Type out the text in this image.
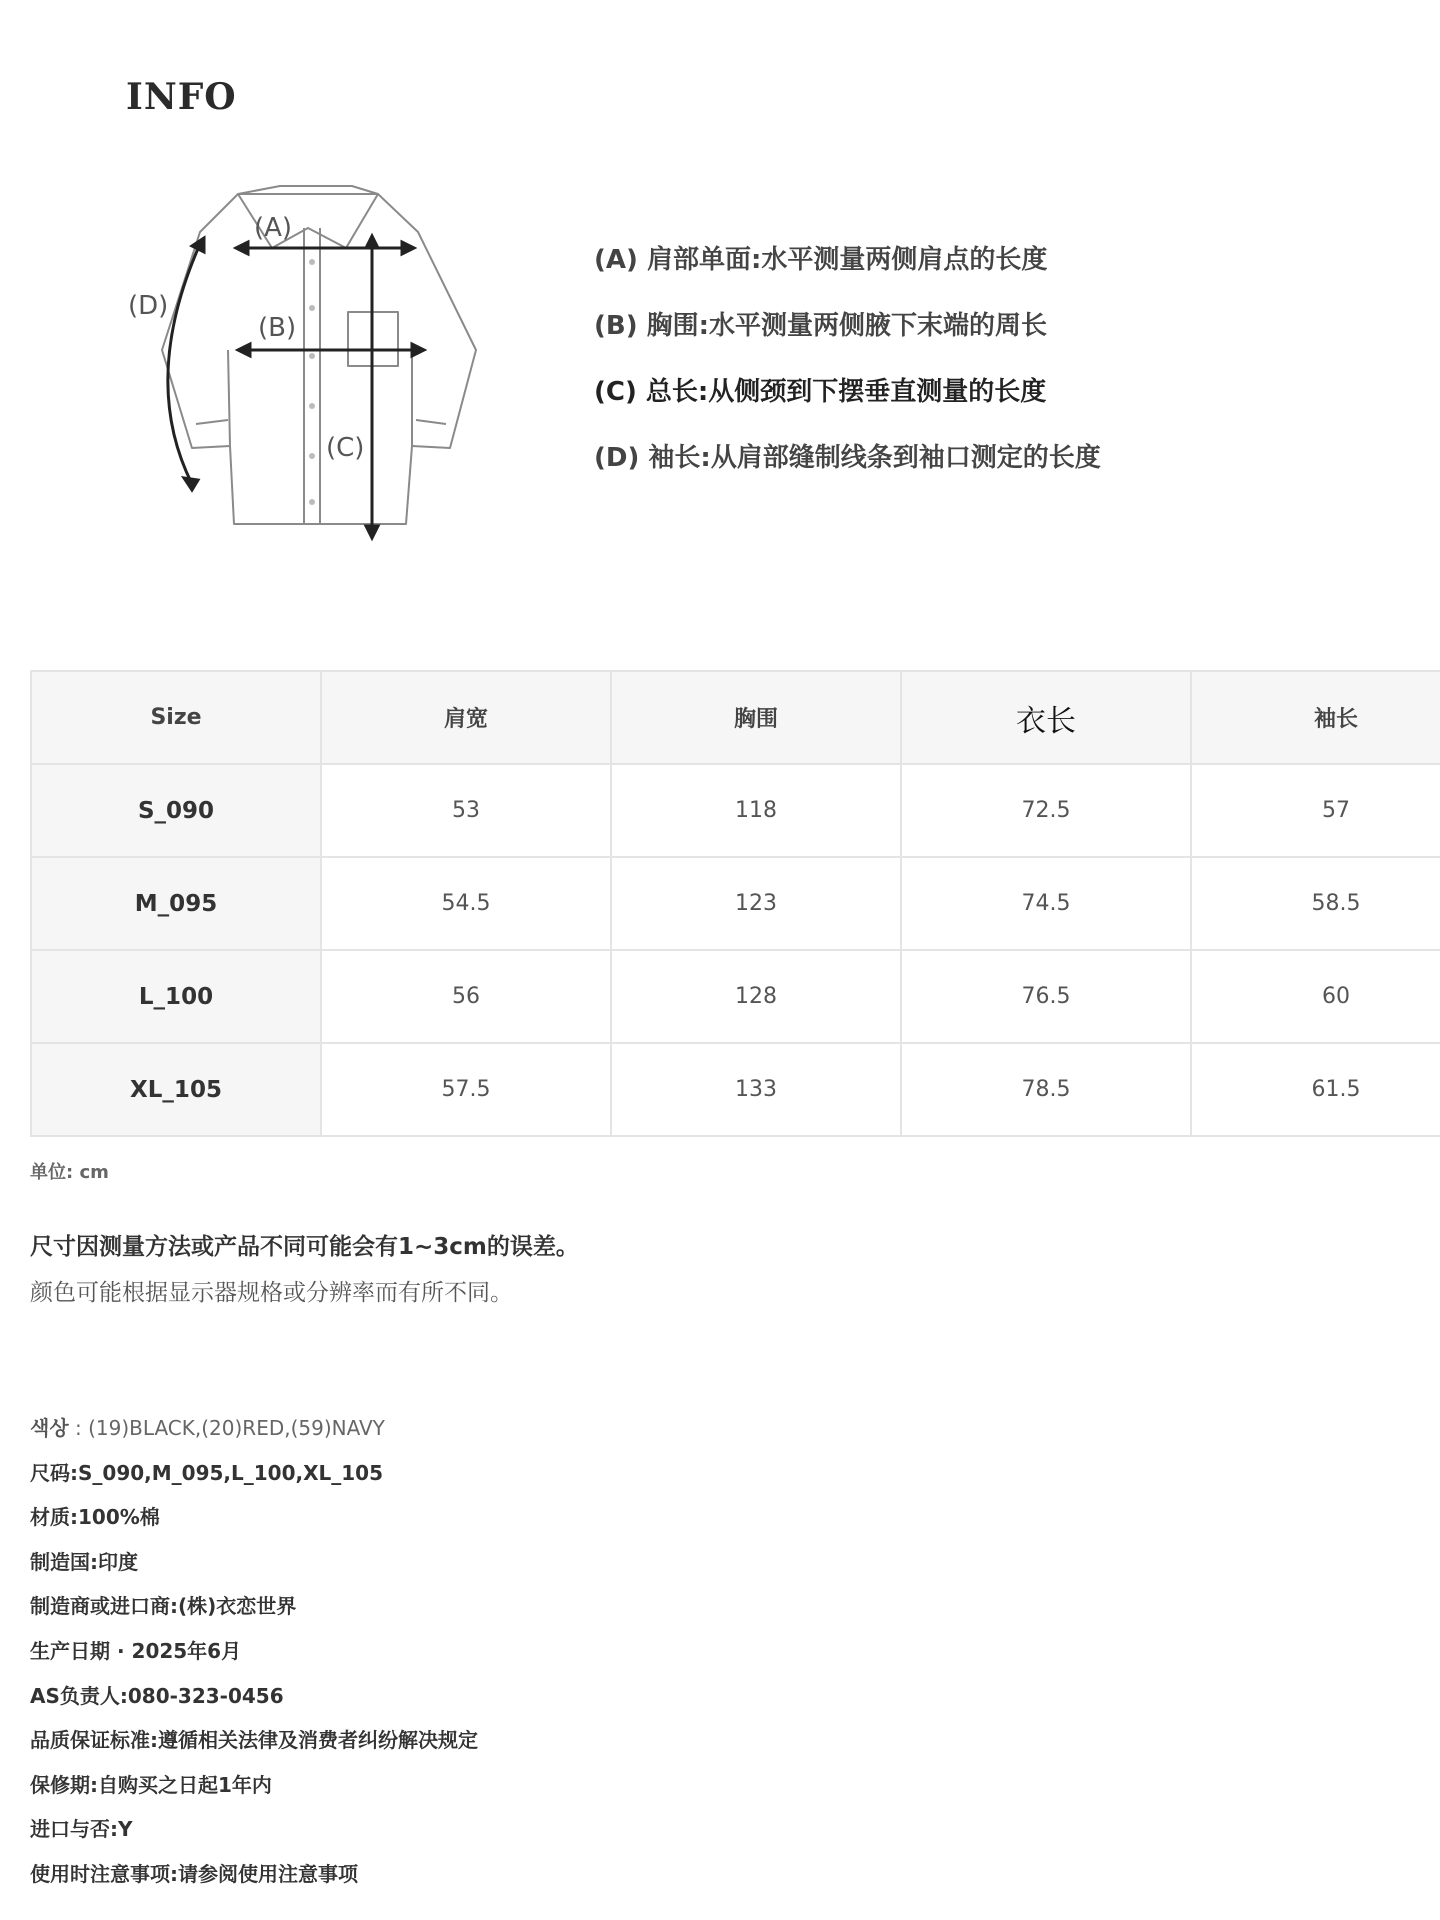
INFO
(A)
(B)
(C)
(D)
(A) 肩部单面:水平测量两侧肩点的长度
(B) 胸围:水平测量两侧腋下末端的周长
(C) 总长:从侧颈到下摆垂直测量的长度
(D) 袖长:从肩部缝制线条到袖口测定的长度
Size	肩宽	胸围	衣长	袖长
S_090	53	118	72.5	57
M_095	54.5	123	74.5	58.5
L_100	56	128	76.5	60
XL_105	57.5	133	78.5	61.5
单位: cm
尺寸因测量方法或产品不同可能会有1~3cm的误差。
颜色可能根据显示器规格或分辨率而有所不同。
색상 : (19)BLACK,(20)RED,(59)NAVY
尺码:S_090,M_095,L_100,XL_105
材质:100%棉
制造国:印度
制造商或进口商:(株)衣恋世界
生产日期 · 2025年6月
AS负责人:080-323-0456
品质保证标准:遵循相关法律及消费者纠纷解决规定
保修期:自购买之日起1年内
进口与否:Y
使用时注意事项:请参阅使用注意事项
